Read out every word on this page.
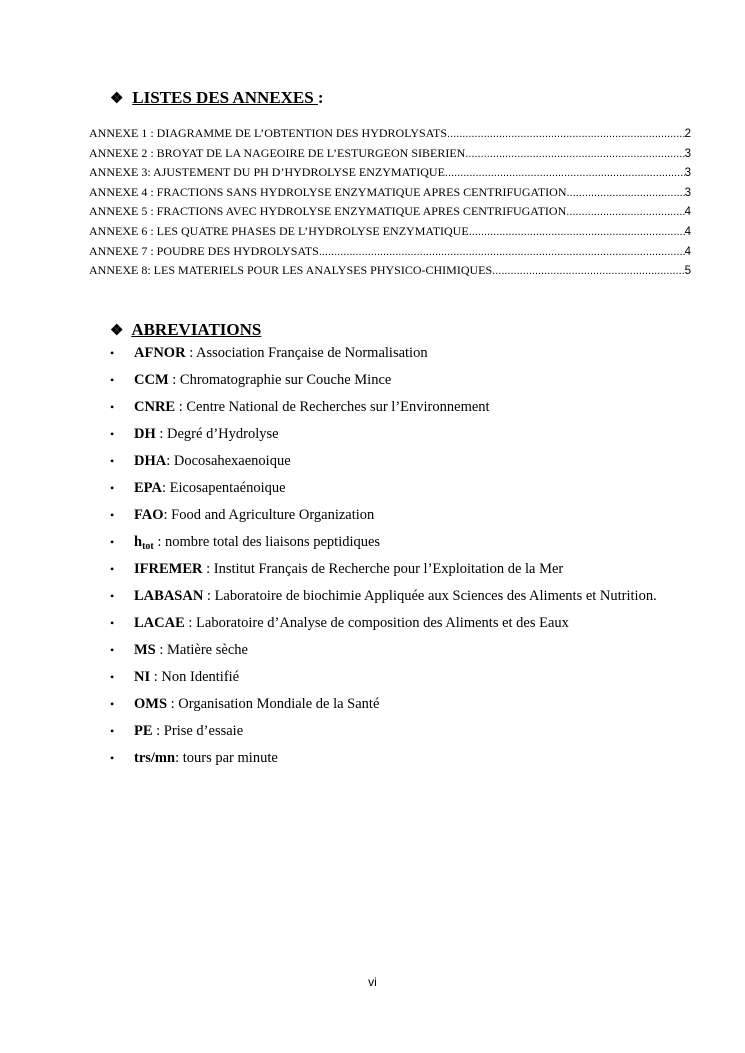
❖ LISTES DES ANNEXES :
ANNEXE 1 : DIAGRAMME DE L’OBTENTION DES HYDROLYSATS .....	2
ANNEXE 2 : BROYAT DE LA NAGEOIRE DE L’ESTURGEON SIBERIEN .....	3
ANNEXE 3: AJUSTEMENT DU PH D’HYDROLYSE ENZYMATIQUE .....	3
ANNEXE 4 : FRACTIONS SANS HYDROLYSE ENZYMATIQUE APRES CENTRIFUGATION .....	3
ANNEXE 5 : FRACTIONS AVEC HYDROLYSE ENZYMATIQUE APRES CENTRIFUGATION .....	4
ANNEXE 6 : LES QUATRE PHASES DE L’HYDROLYSE ENZYMATIQUE .....	4
ANNEXE 7 : POUDRE DES HYDROLYSATS .....	4
ANNEXE 8: LES MATERIELS POUR LES ANALYSES PHYSICO-CHIMIQUES .....	5
❖ ABREVIATIONS
•	AFNOR : Association Française de Normalisation
•	CCM : Chromatographie sur Couche Mince
•	CNRE : Centre National de Recherches sur l’Environnement
•	DH : Degré d’Hydrolyse
•	DHA: Docosahexaenoique
•	EPA: Eicosapentaénoique
•	FAO: Food and Agriculture Organization
•	$h_{tot}$ : nombre total des liaisons peptidiques
•	IFREMER : Institut Français de Recherche pour l’Exploitation de la Mer
•	LABASAN : Laboratoire de biochimie Appliquée aux Sciences des Aliments et Nutrition.
•	LACAE : Laboratoire d’Analyse de composition des Aliments et des Eaux
•	MS : Matière sèche
•	NI : Non Identifié
•	OMS : Organisation Mondiale de la Santé
•	PE : Prise d’essaie
•	trs/mn: tours par minute
vi
